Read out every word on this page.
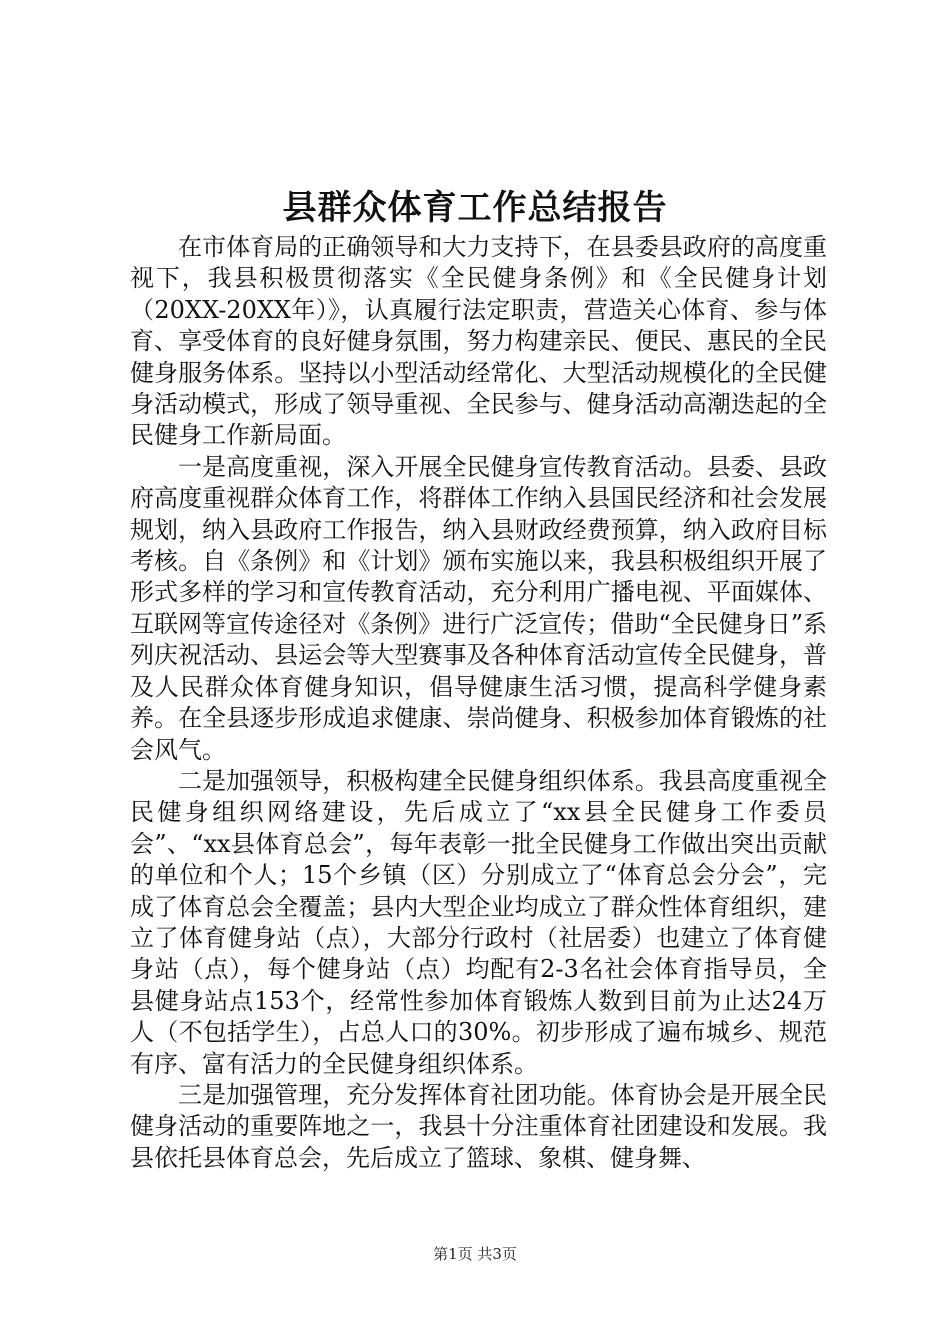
县群众体育工作总结报告

在市体育局的正确领导和大力支持下，在县委县政府的高度重视下，我县积极贯彻落实《全民健身条例》和《全民健身计划（20XX-20XX年）》，认真履行法定职责，营造关心体育、参与体育、享受体育的良好健身氛围，努力构建亲民、便民、惠民的全民健身服务体系。坚持以小型活动经常化、大型活动规模化的全民健身活动模式，形成了领导重视、全民参与、健身活动高潮迭起的全民健身工作新局面。

一是高度重视，深入开展全民健身宣传教育活动。县委、县政府高度重视群众体育工作，将群体工作纳入县国民经济和社会发展规划，纳入县政府工作报告，纳入县财政经费预算，纳入政府目标考核。自《条例》和《计划》颁布实施以来，我县积极组织开展了形式多样的学习和宣传教育活动，充分利用广播电视、平面媒体、互联网等宣传途径对《条例》进行广泛宣传；借助“全民健身日”系列庆祝活动、县运会等大型赛事及各种体育活动宣传全民健身，普及人民群众体育健身知识，倡导健康生活习惯，提高科学健身素养。在全县逐步形成追求健康、崇尚健身、积极参加体育锻炼的社会风气。

二是加强领导，积极构建全民健身组织体系。我县高度重视全民健身组织网络建设，先后成立了“xx县全民健身工作委员会”、“xx县体育总会”，每年表彰一批全民健身工作做出突出贡献的单位和个人；15个乡镇（区）分别成立了“体育总会分会”，完成了体育总会全覆盖；县内大型企业均成立了群众性体育组织，建立了体育健身站（点），大部分行政村（社居委）也建立了体育健身站（点），每个健身站（点）均配有2-3名社会体育指导员，全县健身站点153个，经常性参加体育锻炼人数到目前为止达24万人（不包括学生），占总人口的30%。初步形成了遍布城乡、规范有序、富有活力的全民健身组织体系。

三是加强管理，充分发挥体育社团功能。体育协会是开展全民健身活动的重要阵地之一，我县十分注重体育社团建设和发展。我县依托县体育总会，先后成立了篮球、象棋、健身舞、

第1页 共3页
